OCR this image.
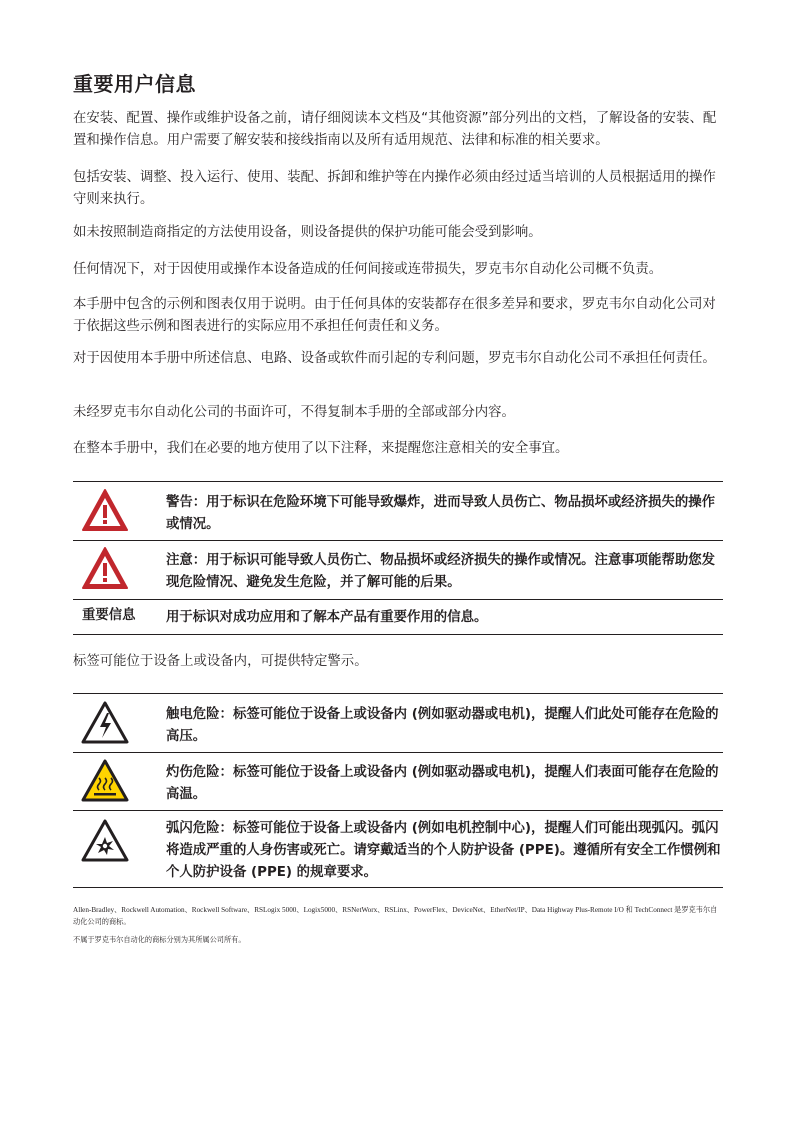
重要用户信息

在安装、配置、操作或维护设备之前，请仔细阅读本文档及“其他资源”部分列出的文档，了解设备的安装、配置和操作信息。用户需要了解安装和接线指南以及所有适用规范、法律和标准的相关要求。

包括安装、调整、投入运行、使用、装配、拆卸和维护等在内操作必须由经过适当培训的人员根据适用的操作守则来执行。

如未按照制造商指定的方法使用设备，则设备提供的保护功能可能会受到影响。

任何情况下，对于因使用或操作本设备造成的任何间接或连带损失，罗克韦尔自动化公司概不负责。

本手册中包含的示例和图表仅用于说明。由于任何具体的安装都存在很多差异和要求，罗克韦尔自动化公司对于依据这些示例和图表进行的实际应用不承担任何责任和义务。

对于因使用本手册中所述信息、电路、设备或软件而引起的专利问题，罗克韦尔自动化公司不承担任何责任。

未经罗克韦尔自动化公司的书面许可，不得复制本手册的全部或部分内容。

在整本手册中，我们在必要的地方使用了以下注释，来提醒您注意相关的安全事宜。

警告：用于标识在危险环境下可能导致爆炸，进而导致人员伤亡、物品损坏或经济损失的操作或情况。
注意：用于标识可能导致人员伤亡、物品损坏或经济损失的操作或情况。注意事项能帮助您发现危险情况、避免发生危险，并了解可能的后果。
重要信息	用于标识对成功应用和了解本产品有重要作用的信息。

标签可能位于设备上或设备内，可提供特定警示。

触电危险：标签可能位于设备上或设备内 (例如驱动器或电机)，提醒人们此处可能存在危险的高压。
灼伤危险：标签可能位于设备上或设备内 (例如驱动器或电机)，提醒人们表面可能存在危险的高温。
弧闪危险：标签可能位于设备上或设备内 (例如电机控制中心)，提醒人们可能出现弧闪。弧闪将造成严重的人身伤害或死亡。请穿戴适当的个人防护设备 (PPE)。遵循所有安全工作惯例和个人防护设备 (PPE) 的规章要求。

Allen-Bradley、Rockwell Automation、Rockwell Software、RSLogix 5000、Logix5000、RSNetWorx、RSLinx、PowerFlex、DeviceNet、EtherNet/IP、Data Highway Plus-Remote I/O 和 TechConnect 是罗克韦尔自动化公司的商标。

不属于罗克韦尔自动化的商标分别为其所属公司所有。
